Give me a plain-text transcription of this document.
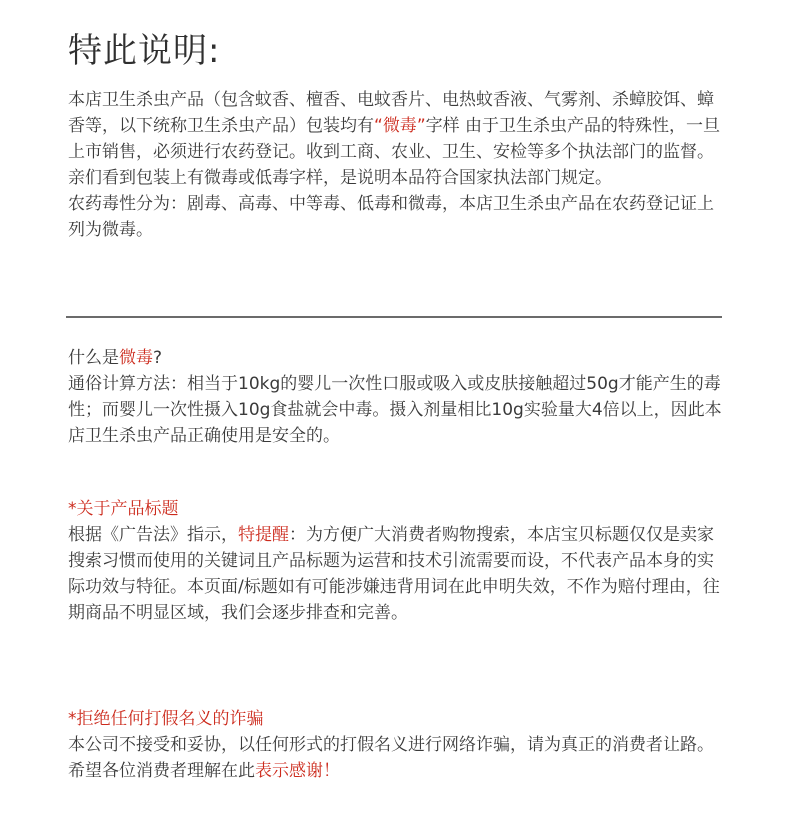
特此说明:

本店卫生杀虫产品（包含蚊香、檀香、电蚊香片、电热蚊香液、气雾剂、杀蟑胶饵、蟑香等，以下统称卫生杀虫产品）包装均有“微毒”字样 由于卫生杀虫产品的特殊性，一旦上市销售，必须进行农药登记。收到工商、农业、卫生、安检等多个执法部门的监督。亲们看到包装上有微毒或低毒字样，是说明本品符合国家执法部门规定。

农药毒性分为：剧毒、高毒、中等毒、低毒和微毒，本店卫生杀虫产品在农药登记证上列为微毒。

什么是微毒?

通俗计算方法：相当于10kg的婴儿一次性口服或吸入或皮肤接触超过50g才能产生的毒性；而婴儿一次性摄入10g食盐就会中毒。摄入剂量相比10g实验量大4倍以上，因此本店卫生杀虫产品正确使用是安全的。

*关于产品标题

根据《广告法》指示，特提醒：为方便广大消费者购物搜索，本店宝贝标题仅仅是卖家搜索习惯而使用的关键词且产品标题为运营和技术引流需要而设，不代表产品本身的实际功效与特征。本页面/标题如有可能涉嫌违背用词在此申明失效，不作为赔付理由，往期商品不明显区域，我们会逐步排查和完善。

*拒绝任何打假名义的诈骗

本公司不接受和妥协，以任何形式的打假名义进行网络诈骗，请为真正的消费者让路。希望各位消费者理解在此表示感谢！
